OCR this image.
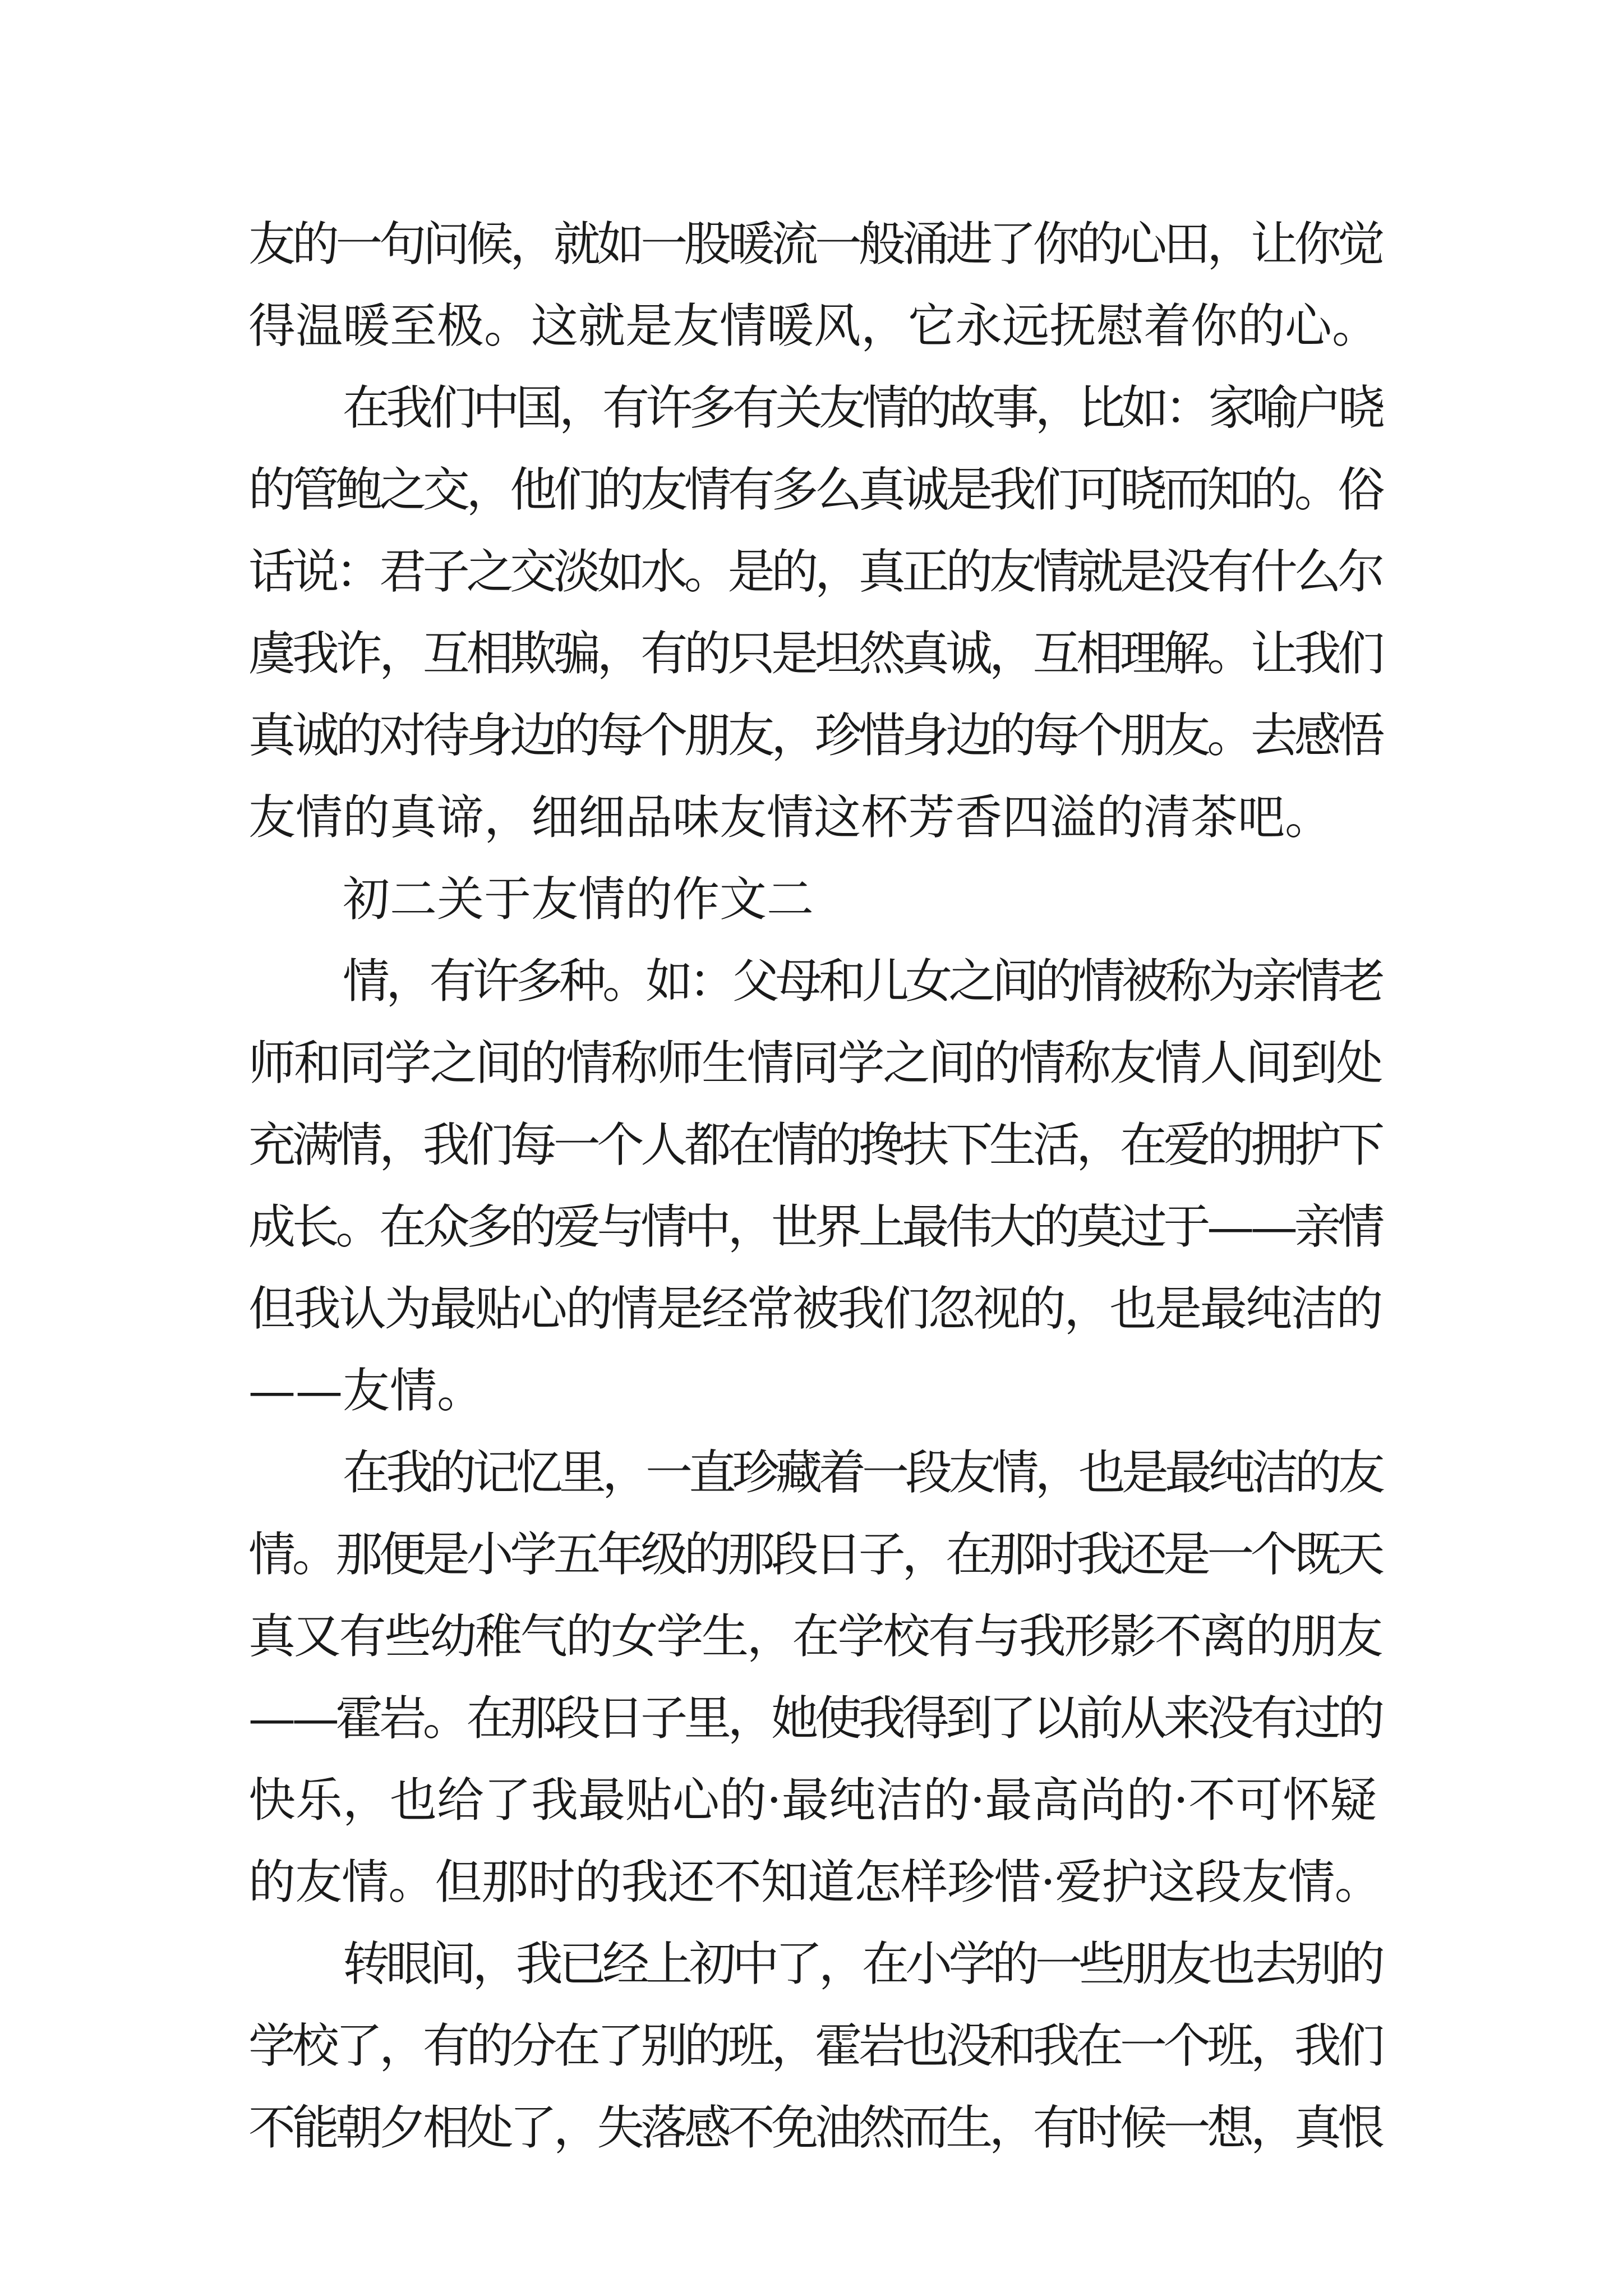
友的一句问候，就如一股暖流一般涌进了你的心田，让你觉
得温暖至极。这就是友情暖风，它永远抚慰着你的心。
在我们中国，有许多有关友情的故事，比如：家喻户晓
的管鲍之交，他们的友情有多么真诚是我们可晓而知的。俗
话说：君子之交淡如水。是的，真正的友情就是没有什么尔
虞我诈，互相欺骗，有的只是坦然真诚，互相理解。让我们
真诚的对待身边的每个朋友，珍惜身边的每个朋友。去感悟
友情的真谛，细细品味友情这杯芳香四溢的清茶吧。
初二关于友情的作文二
情，有许多种。如：父母和儿女之间的情被称为亲情老
师和同学之间的情称师生情同学之间的情称友情人间到处
充满情，我们每一个人都在情的搀扶下生活，在爱的拥护下
成长。在众多的爱与情中，世界上最伟大的莫过于——亲情
但我认为最贴心的情是经常被我们忽视的，也是最纯洁的
——友情。
在我的记忆里，一直珍藏着一段友情，也是最纯洁的友
情。那便是小学五年级的那段日子，在那时我还是一个既天
真又有些幼稚气的女学生，在学校有与我形影不离的朋友
——霍岩。在那段日子里，她使我得到了以前从来没有过的
快乐，也给了我最贴心的·最纯洁的·最高尚的·不可怀疑
的友情。但那时的我还不知道怎样珍惜·爱护这段友情。
转眼间，我已经上初中了，在小学的一些朋友也去别的
学校了，有的分在了别的班，霍岩也没和我在一个班，我们
不能朝夕相处了，失落感不免油然而生，有时候一想，真恨
